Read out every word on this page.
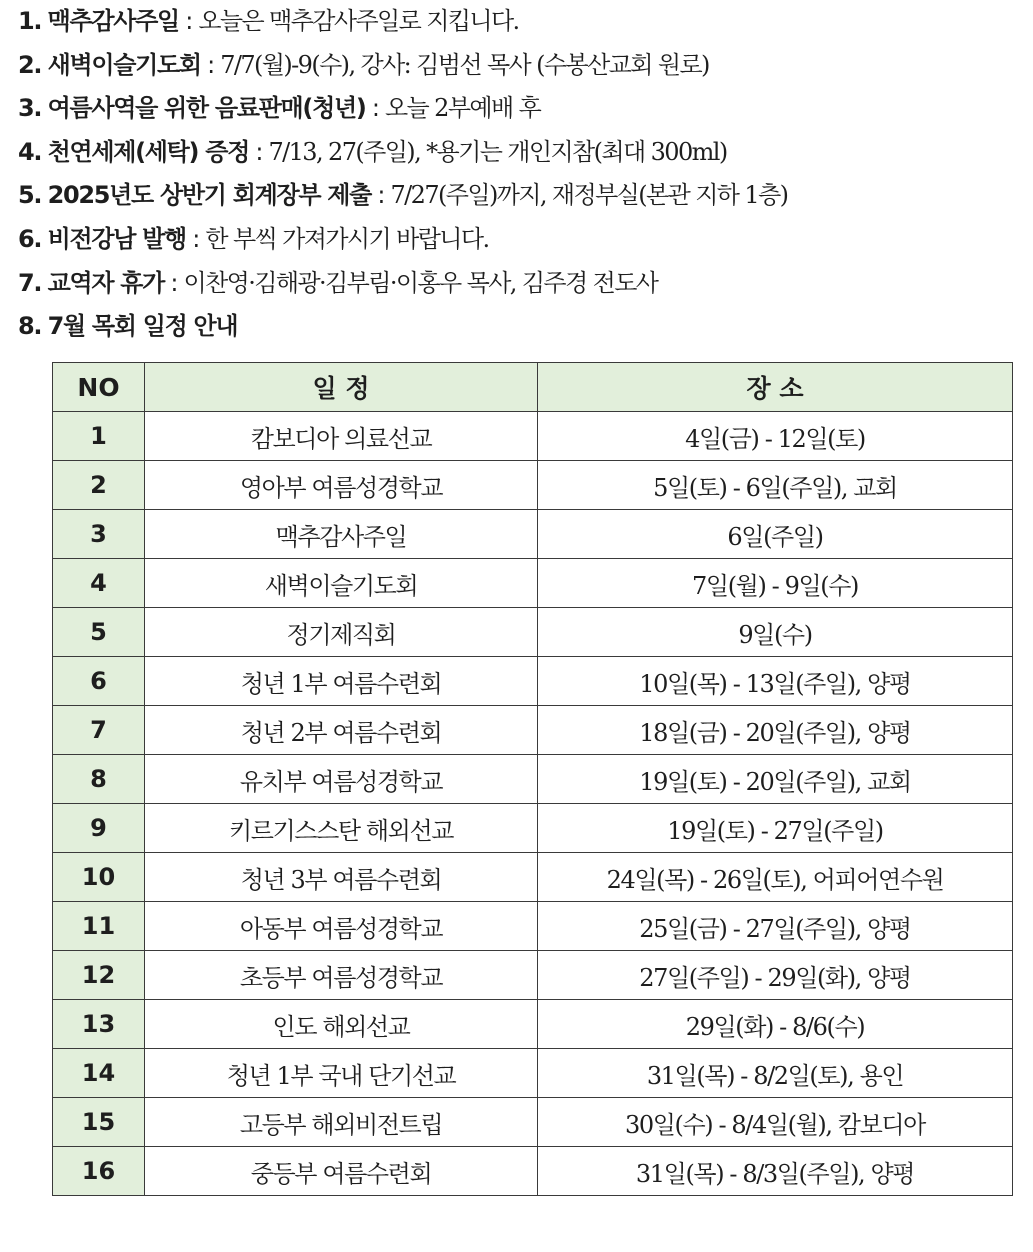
1. 맥추감사주일 : 오늘은 맥추감사주일로 지킵니다.
2. 새벽이슬기도회 : 7/7(월)-9(수), 강사: 김범선 목사 (수봉산교회 원로)
3. 여름사역을 위한 음료판매(청년) : 오늘 2부예배 후
4. 천연세제(세탁) 증정 : 7/13, 27(주일), *용기는 개인지참(최대 300ml)
5. 2025년도 상반기 회계장부 제출 : 7/27(주일)까지, 재정부실(본관 지하 1층)
6. 비전강남 발행 : 한 부씩 가져가시기 바랍니다.
7. 교역자 휴가 : 이찬영·김해광·김부림·이홍우 목사, 김주경 전도사
8. 7월 목회 일정 안내
NO	일 정	장 소
1	캄보디아 의료선교	4일(금) - 12일(토)
2	영아부 여름성경학교	5일(토) - 6일(주일), 교회
3	맥추감사주일	6일(주일)
4	새벽이슬기도회	7일(월) - 9일(수)
5	정기제직회	9일(수)
6	청년 1부 여름수련회	10일(목) - 13일(주일), 양평
7	청년 2부 여름수련회	18일(금) - 20일(주일), 양평
8	유치부 여름성경학교	19일(토) - 20일(주일), 교회
9	키르기스스탄 해외선교	19일(토) - 27일(주일)
10	청년 3부 여름수련회	24일(목) - 26일(토), 어피어연수원
11	아동부 여름성경학교	25일(금) - 27일(주일), 양평
12	초등부 여름성경학교	27일(주일) - 29일(화), 양평
13	인도 해외선교	29일(화) - 8/6(수)
14	청년 1부 국내 단기선교	31일(목) - 8/2일(토), 용인
15	고등부 해외비전트립	30일(수) - 8/4일(월), 캄보디아
16	중등부 여름수련회	31일(목) - 8/3일(주일), 양평
